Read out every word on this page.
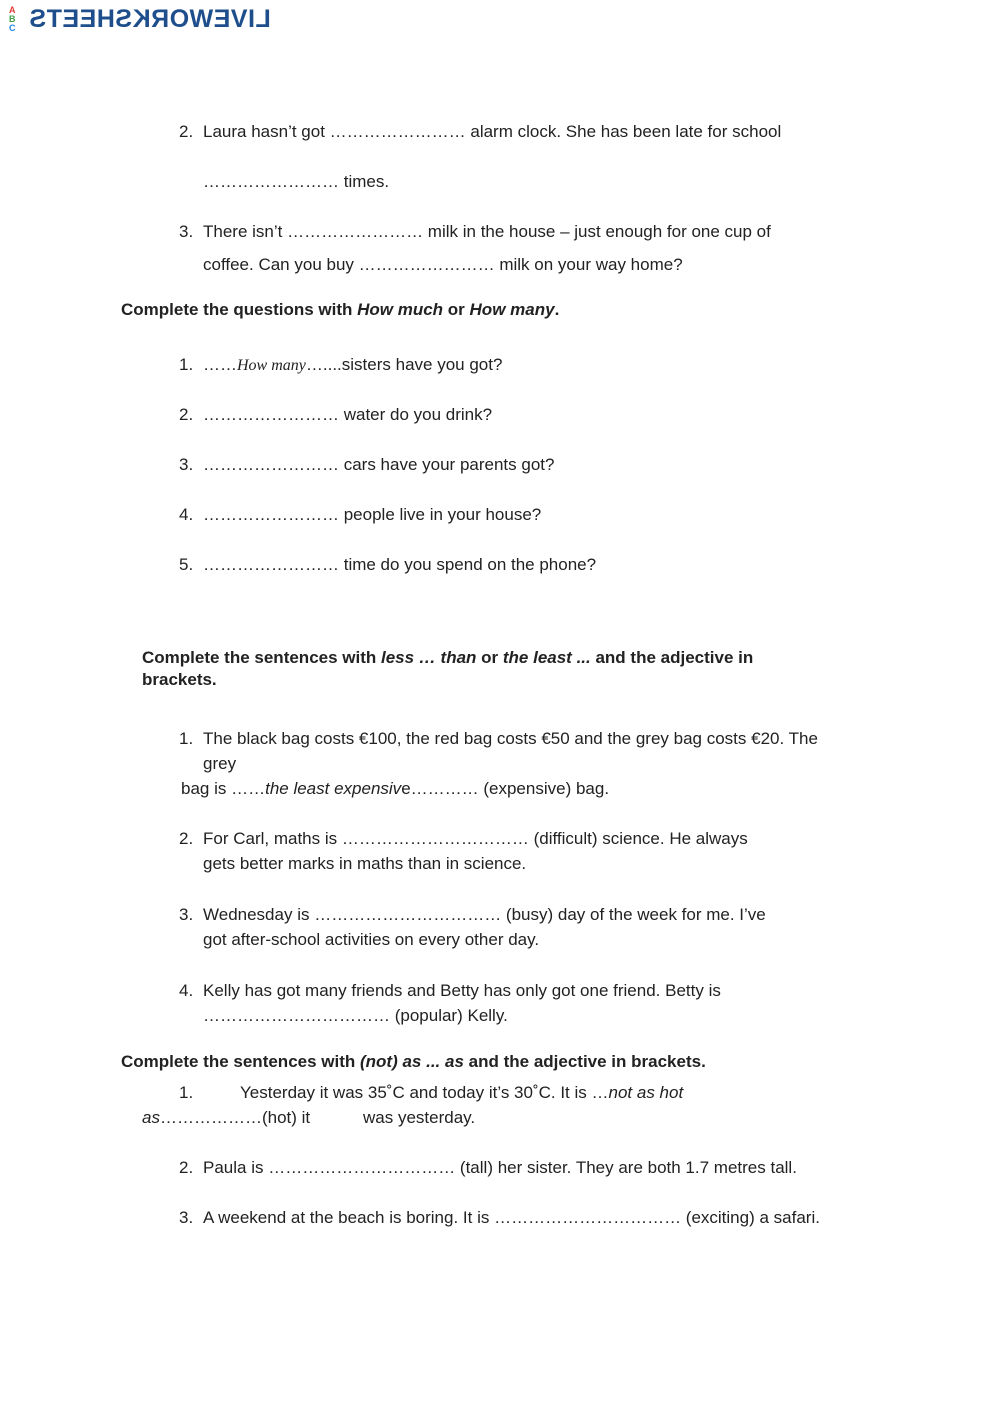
A
B
C LIVEWORKSHEETS
2. Laura hasn’t got …………………… alarm clock. She has been late for school
…………………… times.
3. There isn’t …………………… milk in the house – just enough for one cup of
coffee. Can you buy …………………… milk on your way home?
Complete the questions with How much or How many.
1. ……How many…....sisters have you got?
2. …………………… water do you drink?
3. …………………… cars have your parents got?
4. …………………… people live in your house?
5. …………………… time do you spend on the phone?
Complete the sentences with less … than or the least ... and the adjective in
brackets.
1. The black bag costs €100, the red bag costs €50 and the grey bag costs €20. The
grey
bag is ……the least expensive………… (expensive) bag.
2. For Carl, maths is …………………………… (difficult) science. He always
gets better marks in maths than in science.
3. Wednesday is …………………………… (busy) day of the week for me. I’ve
got after-school activities on every other day.
4. Kelly has got many friends and Betty has only got one friend. Betty is
…………………………… (popular) Kelly.
Complete the sentences with (not) as ... as and the adjective in brackets.
1.	Yesterday it was 35˚C and today it’s 30˚C. It is …not as hot
as………………(hot) it	was yesterday.
2. Paula is …………………………… (tall) her sister. They are both 1.7 metres tall.
3. A weekend at the beach is boring. It is …………………………… (exciting) a safari.
